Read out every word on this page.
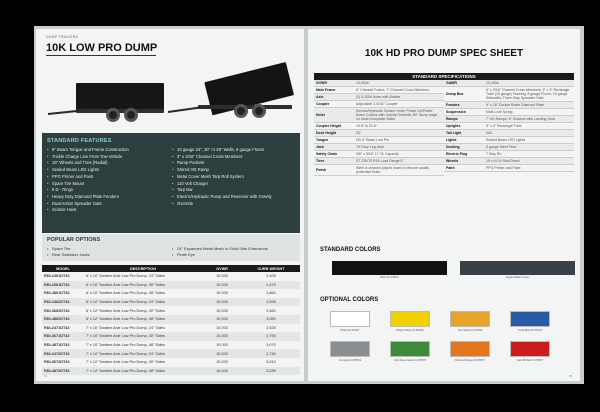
DUMP TRAILERS
10K LOW PRO DUMP
STANDARD FEATURES
• 6" Beam Tongue and Frame Construction
• Trickle Charge Line From Tow Vehicle
• 15" Wheels and Tires (Radial)
• Sealed Beam LED Lights
• PPG Primer and Paint
• Spare Tire Mount
• 8 D - Rings
• Heavy Duty Diamond Plate Fenders
• Dual Action Spreader Gate
• Scissor Hoist
• 10 gauge 24", 30" or 48" Walls, 8 gauge Floors
• 3" x 3/16" Channel Cross Members
• Ramp Pockets
• Stored HD Ramp
• Metal Cover Mesh Tarp Roll System
• 110 Volt Charger
• Tarp Bar
• Electric/Hydraulic Pump and Reservoir with Gravity
• Override
POPULAR OPTIONS
• Spare Tire
• Rear Stabilizer Jacks
• 24" Expanded Metal Mesh in Solid Side Extensions
• Pintle Eye
MODEL	DESCRIPTION	GVWR	CURB WEIGHT
RDL2461DT43	6' x 10' Tandem Axle Low Pro Dump, 24" Sides	10,000	2,405
RDL2661DT43	6' x 10' Tandem Axle Low Pro Dump, 30" Sides	10,000	2,470
RDL4861DT43	6' x 10' Tandem Axle Low Pro Dump, 48" Sides	10,000	2,860
RDL2462DT43	6' x 12' Tandem Axle Low Pro Dump, 24" Sides	10,000	2,595
RDL3662DT43	6' x 12' Tandem Axle Low Pro Dump, 30" Sides	10,000	2,660
RDL4862DT43	6' x 12' Tandem Axle Low Pro Dump, 48" Sides	10,000	3,050
RDL2471DT43	7' x 10' Tandem Axle Low Pro Dump, 24" Sides	10,000	2,525
RDL3671DT43	7' x 10' Tandem Axle Low Pro Dump, 30" Sides	10,000	2,790
RDL4871DT43	7' x 10' Tandem Axle Low Pro Dump, 48" Sides	10,000	3,070
RDL2472DT43	7' x 12' Tandem Axle Low Pro Dump, 24" Sides	10,000	2,740
RDL3672DT43	7' x 12' Tandem Axle Low Pro Dump, 30" Sides	10,000	3,010
RDL4872DT43	7' x 12' Tandem Axle Low Pro Dump, 48" Sides	10,000	3,285
54
10K HD PRO DUMP SPEC SHEET
STANDARD SPECIFICATIONS
GVWR	10,000#
Main Frame	6" Channel Frame; 7" Channel Cross Members
Axle	(2) 5,200# Axles with Brakes
Coupler	Adjustable 2-5/16" Coupler
Hoist	Electric/Hydraulic Scissor Hoist; Power Up/Power Down Control with Gravity Override; 80° dump angle on most Dumpable Sides
Coupler Height	19.5" to 21.5"
Deck Height	30"
Tongue	HD 6" Beam Low Pro
Jack	7K Drop Leg Jack
Safety Chain	3/8" x 3/16" 17.7K Capacity
Tires	ST 225/75 R15 Load Range E
Finish	Steel is cleaned (wiped down) to ensure quality protective finish
GAWR	10,400#
Dump Box	6" x 3/16" Channel Cross Members; 2" x 3" Rectangle Tube (10 gauge) Framing; 8 gauge Floors; 10 gauge Sidewalls; Three Way Spreader Gate
Fenders	9" x 16" Double Brake Diamond Plate
Suspension	Multi-Leaf Spring
Ramps	7' HD Ramps; 6" Channel with Landing Gear
Uprights	3" x 4" Rectangle Tube
Tail Light	N/A
Lights	Sealed Beam LED Lights
Decking	8 gauge Steel Floor
Electric Plug	7 Way RV
Wheels	15 x 6.0 6 Stud Direct
Paint	PPG Primer and Paint
STANDARD COLORS
Black Kit PP001	Eagle Modern Gray
OPTIONAL COLORS
White Kit PP007	Bright Yellow Kit PP003	Cat Yellow Kit PP004	Truck Blue Kit PP107
Ice Gray Kit PP003	John Deer Green Kit PP007	Kubota Orange Kit PP007	Cast Bt Red Kit PP007
55
